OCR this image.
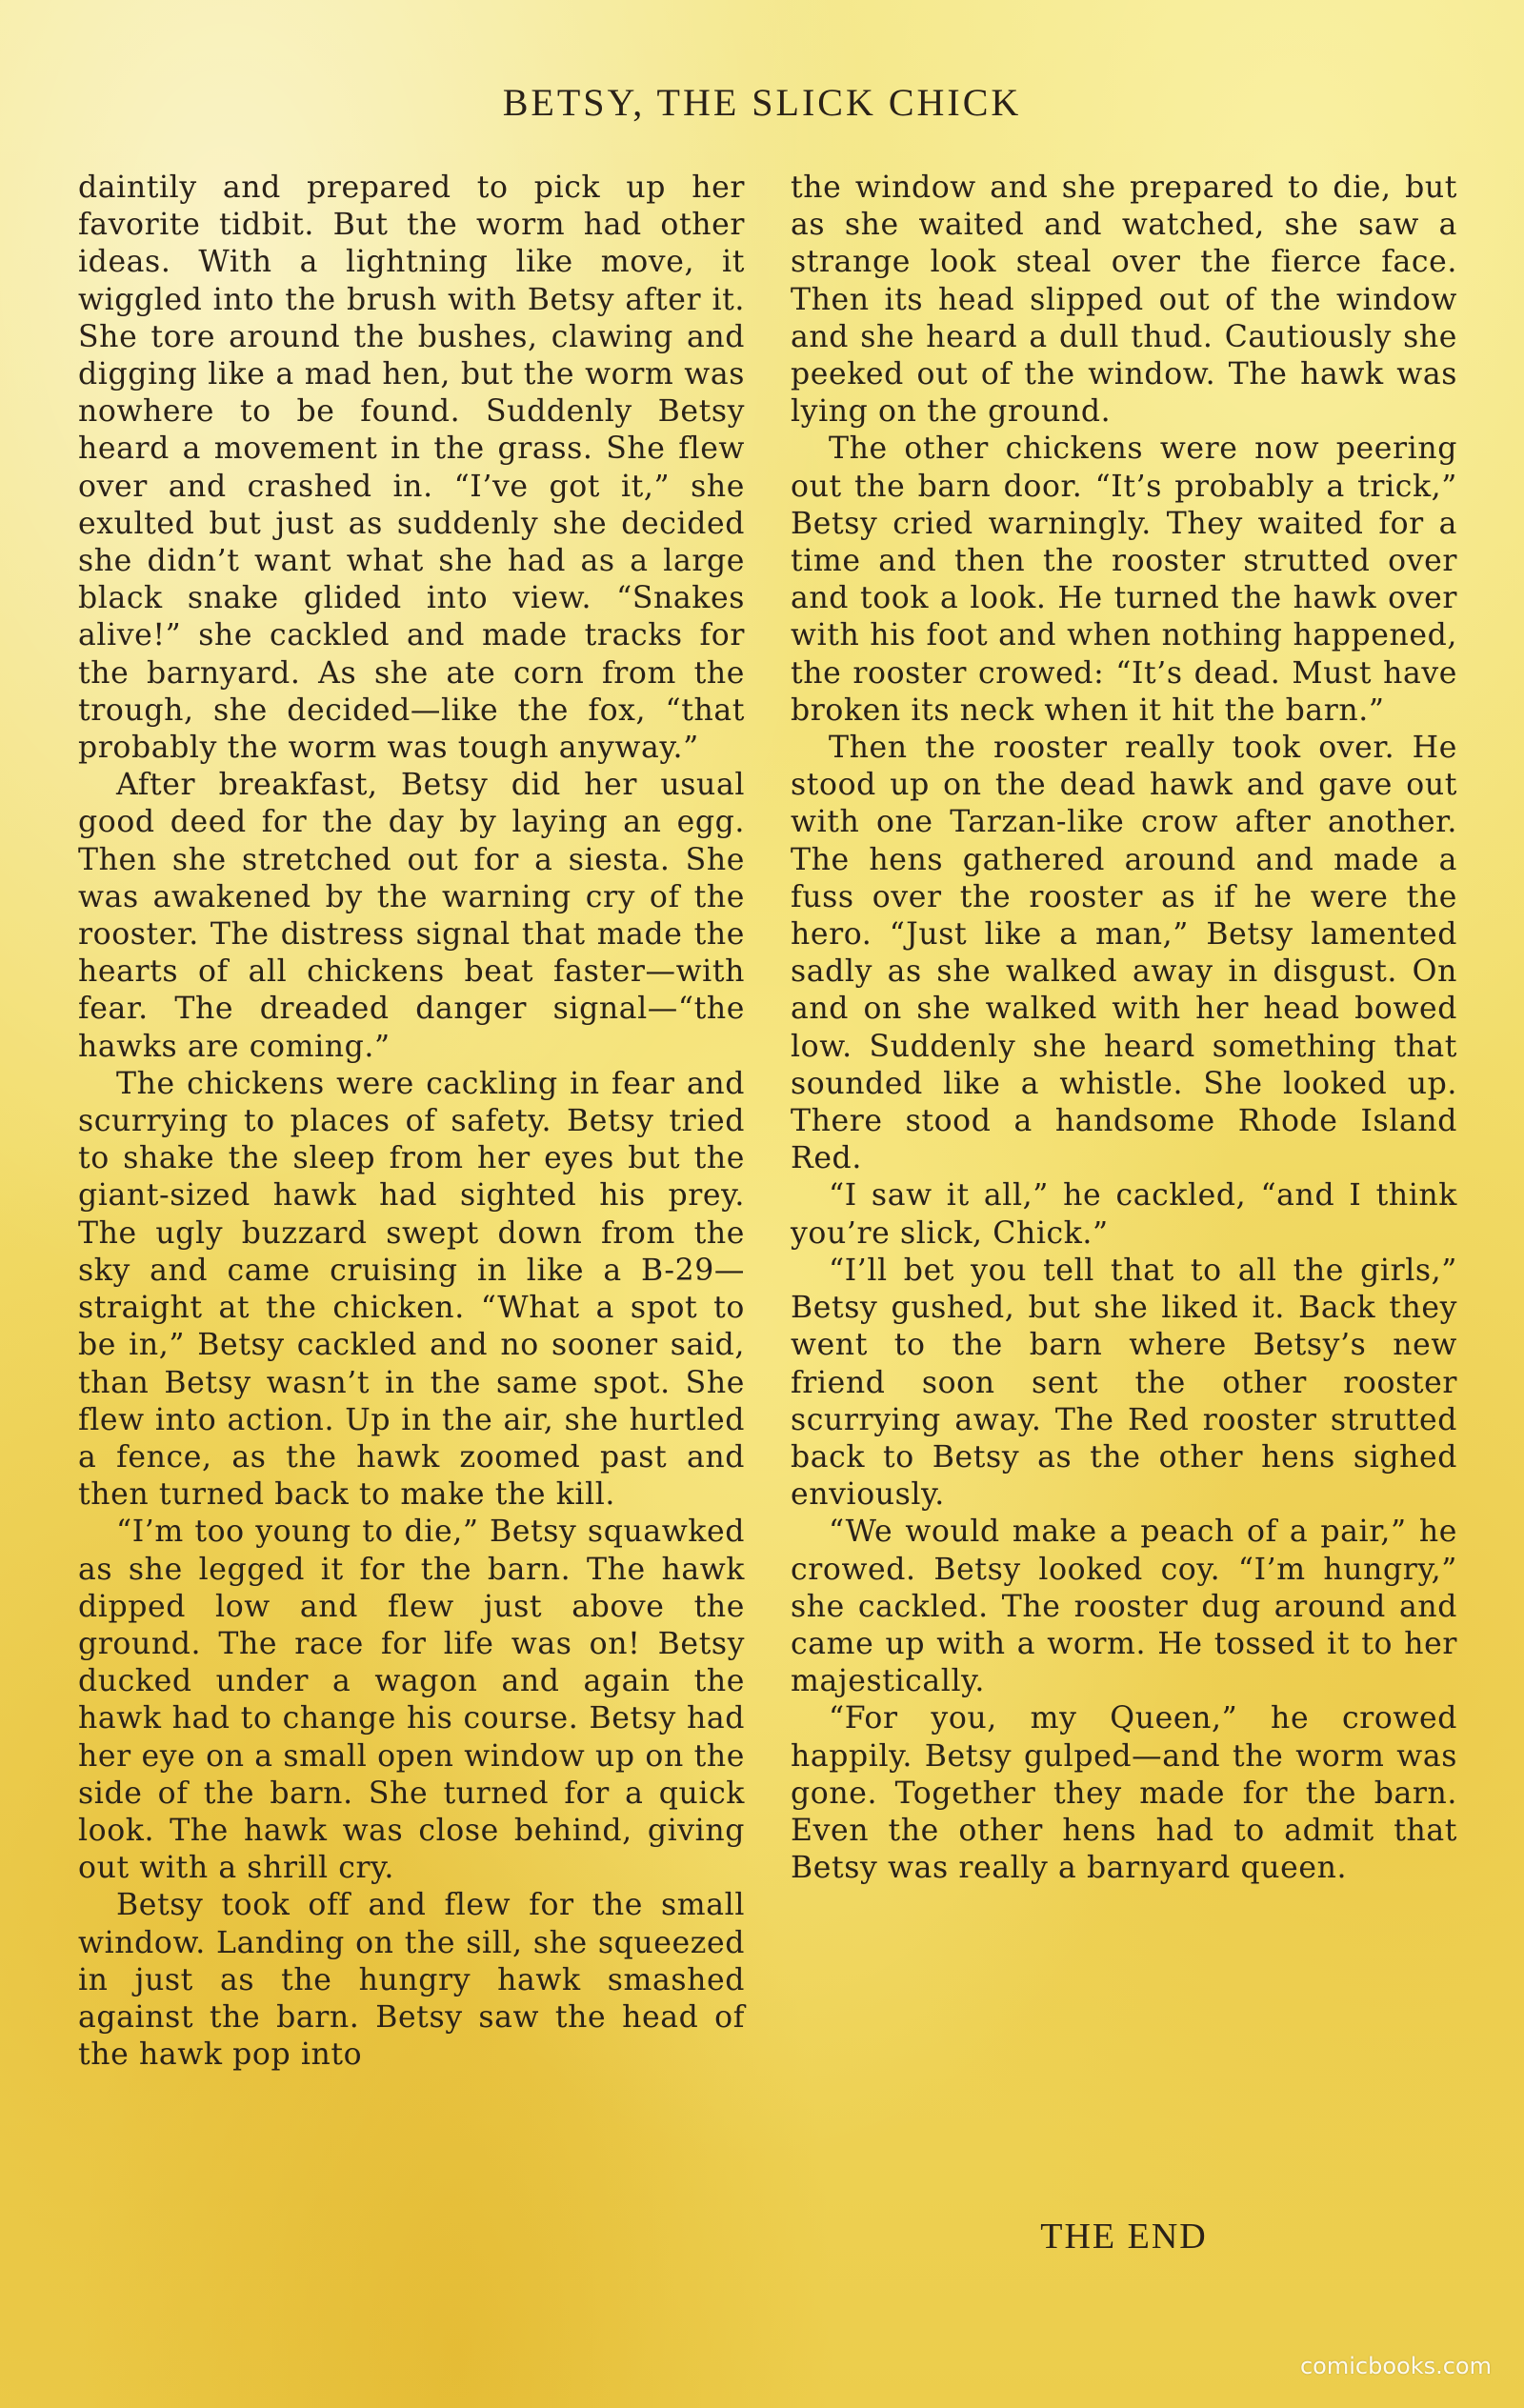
BETSY, THE SLICK CHICK

daintily and prepared to pick up her favorite tidbit. But the worm had other ideas. With a lightning like move, it wiggled into the brush with Betsy after it. She tore around the bushes, clawing and digging like a mad hen, but the worm was nowhere to be found. Suddenly Betsy heard a movement in the grass. She flew over and crashed in. “I’ve got it,” she exulted but just as suddenly she decided she didn’t want what she had as a large black snake glided into view. “Snakes alive!” she cackled and made tracks for the barnyard. As she ate corn from the trough, she decided—like the fox, “that probably the worm was tough anyway.”

After breakfast, Betsy did her usual good deed for the day by laying an egg. Then she stretched out for a siesta. She was awakened by the warning cry of the rooster. The distress signal that made the hearts of all chickens beat faster—with fear. The dreaded danger signal—“the hawks are coming.”

The chickens were cackling in fear and scurrying to places of safety. Betsy tried to shake the sleep from her eyes but the giant-sized hawk had sighted his prey. The ugly buzzard swept down from the sky and came cruising in like a B-29—straight at the chicken. “What a spot to be in,” Betsy cackled and no sooner said, than Betsy wasn’t in the same spot. She flew into action. Up in the air, she hurtled a fence, as the hawk zoomed past and then turned back to make the kill.

“I’m too young to die,” Betsy squawked as she legged it for the barn. The hawk dipped low and flew just above the ground. The race for life was on! Betsy ducked under a wagon and again the hawk had to change his course. Betsy had her eye on a small open window up on the side of the barn. She turned for a quick look. The hawk was close behind, giving out with a shrill cry.

Betsy took off and flew for the small window. Landing on the sill, she squeezed in just as the hungry hawk smashed against the barn. Betsy saw the head of the hawk pop into

the window and she prepared to die, but as she waited and watched, she saw a strange look steal over the fierce face. Then its head slipped out of the window and she heard a dull thud. Cautiously she peeked out of the window. The hawk was lying on the ground.

The other chickens were now peering out the barn door. “It’s probably a trick,” Betsy cried warningly. They waited for a time and then the rooster strutted over and took a look. He turned the hawk over with his foot and when nothing happened, the rooster crowed: “It’s dead. Must have broken its neck when it hit the barn.”

Then the rooster really took over. He stood up on the dead hawk and gave out with one Tarzan-like crow after another. The hens gathered around and made a fuss over the rooster as if he were the hero. “Just like a man,” Betsy lamented sadly as she walked away in disgust. On and on she walked with her head bowed low. Suddenly she heard something that sounded like a whistle. She looked up. There stood a handsome Rhode Island Red.

“I saw it all,” he cackled, “and I think you’re slick, Chick.”

“I’ll bet you tell that to all the girls,” Betsy gushed, but she liked it. Back they went to the barn where Betsy’s new friend soon sent the other rooster scurrying away. The Red rooster strutted back to Betsy as the other hens sighed enviously.

“We would make a peach of a pair,” he crowed. Betsy looked coy. “I’m hungry,” she cackled. The rooster dug around and came up with a worm. He tossed it to her majestically.

“For you, my Queen,” he crowed happily. Betsy gulped—and the worm was gone. Together they made for the barn. Even the other hens had to admit that Betsy was really a barnyard queen.

THE END
comicbooks.com
